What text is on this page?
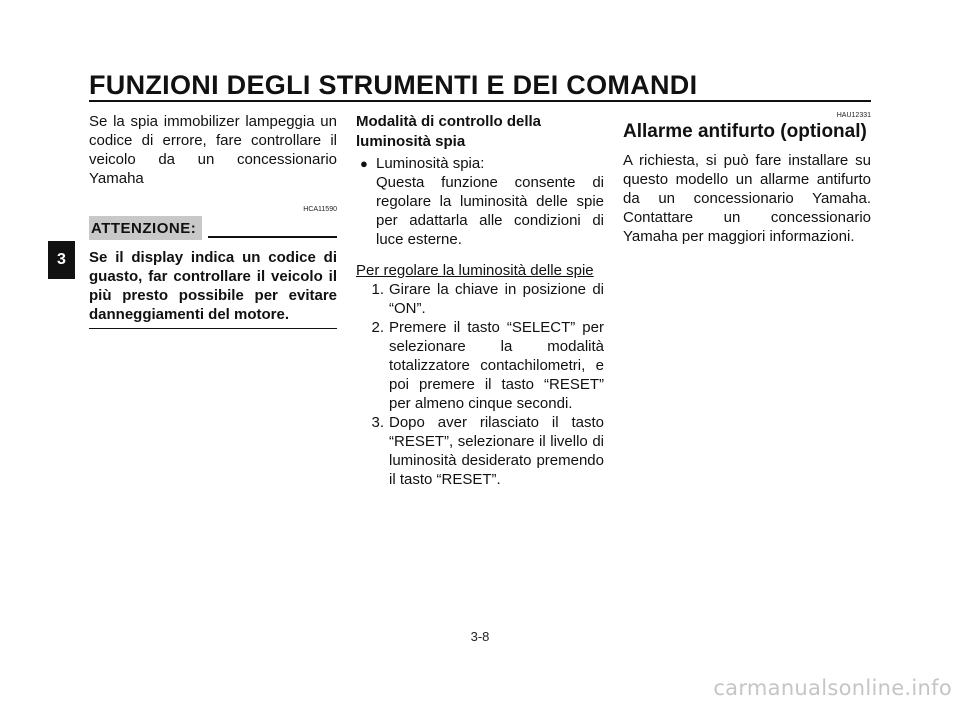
FUNZIONI DEGLI STRUMENTI E DEI COMANDI
3

Se la spia immobilizer lampeggia un codice di errore, fare controllare il veicolo da un concessionario Yamaha

HCA11590

ATTENZIONE:

Se il display indica un codice di guasto, far controllare il veicolo il più presto possibile per evitare danneggiamenti del motore.

Modalità di controllo della luminosità spia

● Luminosità spia:

Questa funzione consente di regolare la luminosità delle spie per adattarla alle condizioni di luce esterne.

Per regolare la luminosità delle spie

1. Girare la chiave in posizione di “ON”.
2. Premere il tasto “SELECT” per selezionare la modalità totalizzatore contachilometri, e poi premere il tasto “RESET” per almeno cinque secondi.
3. Dopo aver rilasciato il tasto “RESET”, selezionare il livello di luminosità desiderato premendo il tasto “RESET”.

HAU12331

Allarme antifurto (optional)

A richiesta, si può fare installare su questo modello un allarme antifurto da un concessionario Yamaha. Contattare un concessionario Yamaha per maggiori informazioni.

3-8
carmanualsonline.info
